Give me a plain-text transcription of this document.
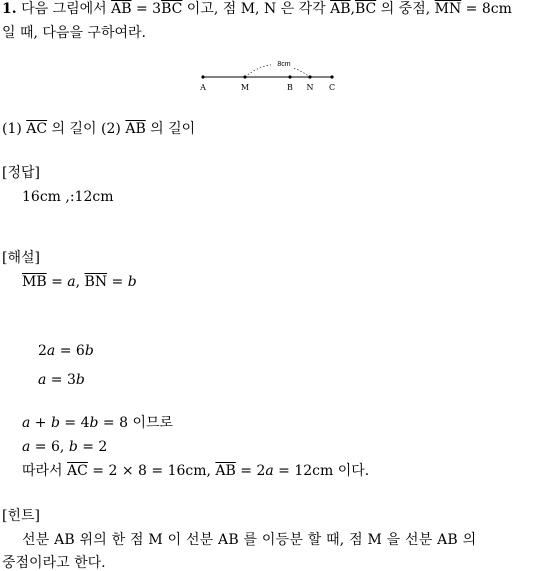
1. 다음 그림에서 $\overline{AB} = 3\overline{BC}$ 이고, 점 M, N 은 각각 $\overline{AB},\overline{BC}$ 의 중점, $\overline{MN} = 8cm$
일 때, 다음을 구하여라.
8cm
A	M	B N C
(1) $\overline{AC}$ 의 길이 (2) $\overline{AB}$ 의 길이
[정답]
16cm ,:12cm
[해설]
$\overline{MB} = a$, $\overline{BN} = b$
2a = 6b
a = 3b
a + b = 4b = 8 이므로
a = 6, b = 2
따라서 $\overline{AC} = 2 \times 8 = 16cm$, $\overline{AB} = 2a = 12cm$ 이다.
[힌트]
선분 AB 위의 한 점 M 이 선분 AB 를 이등분 할 때, 점 M 을 선분 AB 의
중점이라고 한다.
